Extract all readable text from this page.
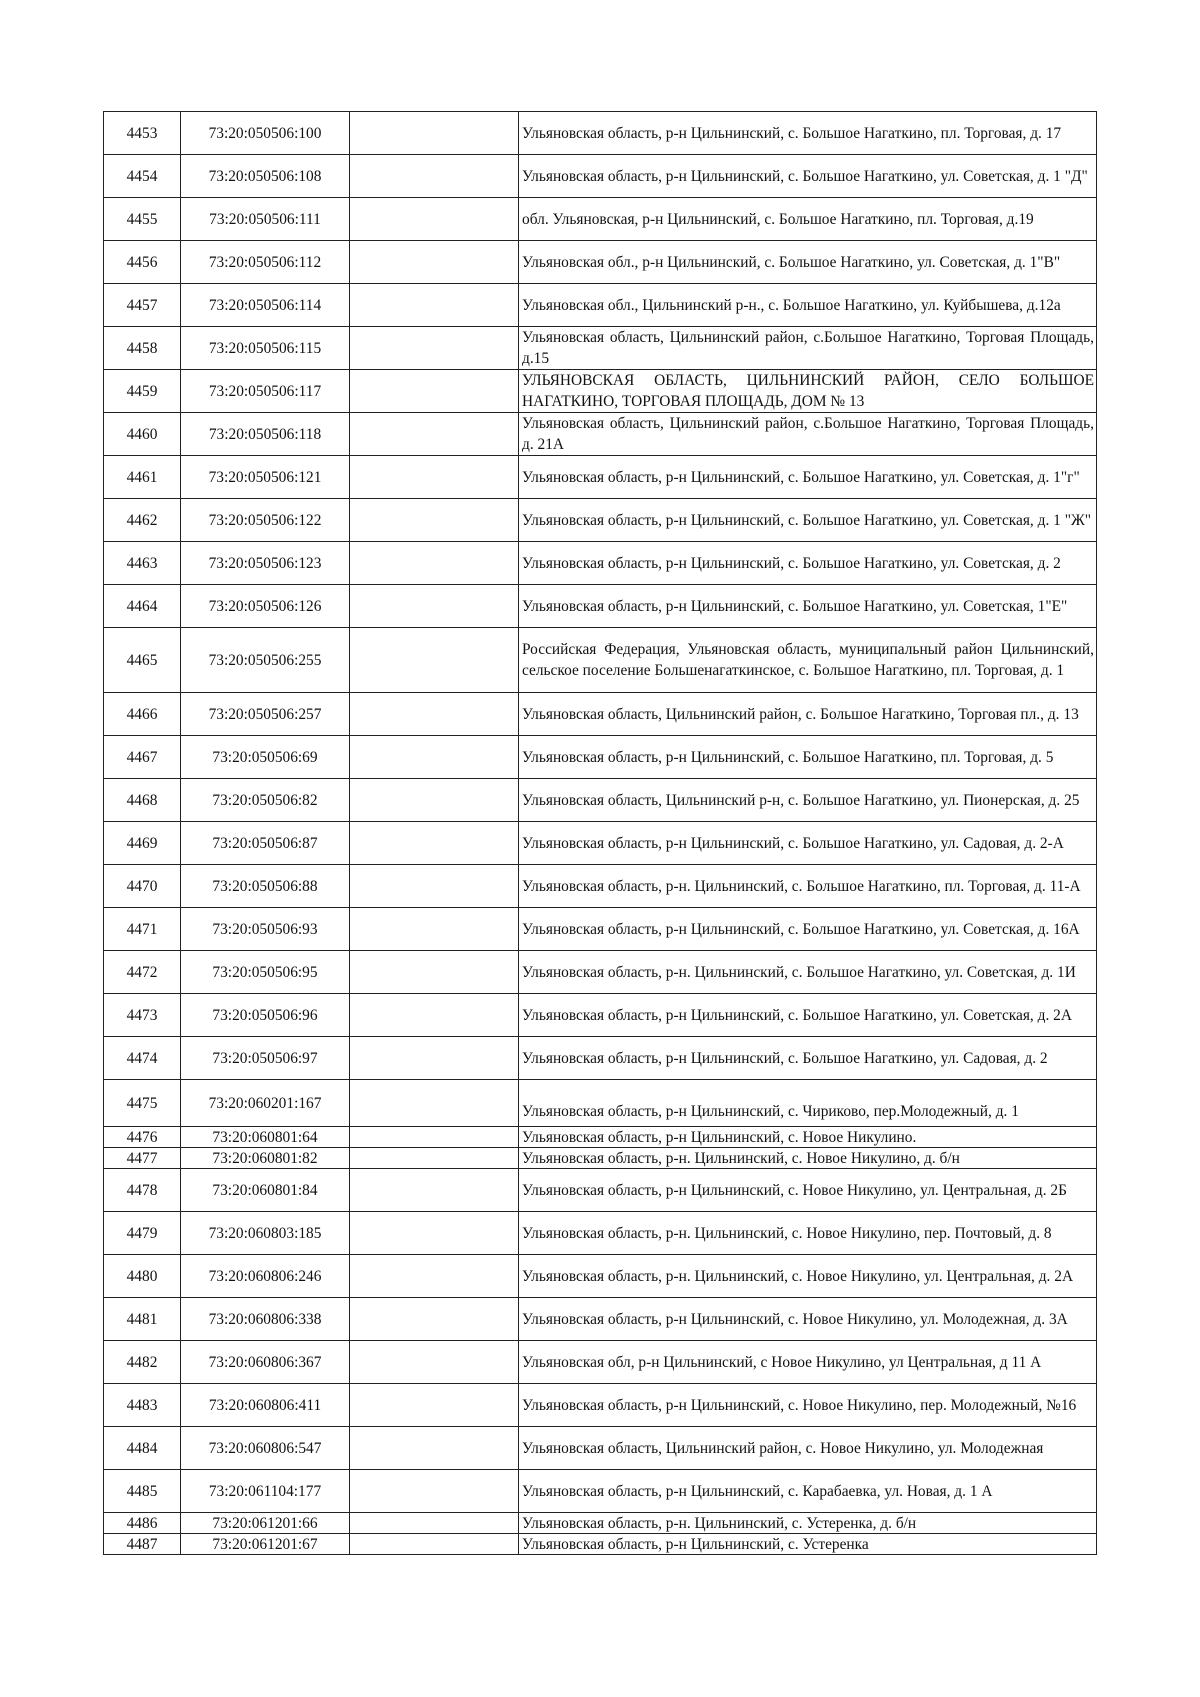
4453	73:20:050506:100		Ульяновская область, р-н Цильнинский, с. Большое Нагаткино, пл. Торговая, д. 17
4454	73:20:050506:108		Ульяновская область, р-н Цильнинский, с. Большое Нагаткино, ул. Советская, д. 1 "Д"
4455	73:20:050506:111		обл. Ульяновская, р-н Цильнинский, с. Большое Нагаткино, пл. Торговая, д.19
4456	73:20:050506:112		Ульяновская обл., р-н Цильнинский, с. Большое Нагаткино, ул. Советская, д. 1"В"
4457	73:20:050506:114		Ульяновская обл., Цильнинский р-н., с. Большое Нагаткино, ул. Куйбышева, д.12а
4458	73:20:050506:115		Ульяновская область, Цильнинский район, с.Большое Нагаткино, Торговая Площадь, д.15
4459	73:20:050506:117		УЛЬЯНОВСКАЯ ОБЛАСТЬ, ЦИЛЬНИНСКИЙ РАЙОН, СЕЛО БОЛЬШОЕ НАГАТКИНО, ТОРГОВАЯ ПЛОЩАДЬ, ДОМ № 13
4460	73:20:050506:118		Ульяновская область, Цильнинский район, с.Большое Нагаткино, Торговая Площадь, д. 21А
4461	73:20:050506:121		Ульяновская область, р-н Цильнинский, с. Большое Нагаткино, ул. Советская, д. 1"г"
4462	73:20:050506:122		Ульяновская область, р-н Цильнинский, с. Большое Нагаткино, ул. Советская, д. 1 "Ж"
4463	73:20:050506:123		Ульяновская область, р-н Цильнинский, с. Большое Нагаткино, ул. Советская, д. 2
4464	73:20:050506:126		Ульяновская область, р-н Цильнинский, с. Большое Нагаткино, ул. Советская, 1"Е"
4465	73:20:050506:255		Российская Федерация, Ульяновская область, муниципальный район Цильнинский, сельское поселение Большенагаткинское, с. Большое Нагаткино, пл. Торговая, д. 1
4466	73:20:050506:257		Ульяновская область, Цильнинский район, с. Большое Нагаткино, Торговая пл., д. 13
4467	73:20:050506:69		Ульяновская область, р-н Цильнинский, с. Большое Нагаткино, пл. Торговая, д. 5
4468	73:20:050506:82		Ульяновская область, Цильнинский р-н, с. Большое Нагаткино, ул. Пионерская, д. 25
4469	73:20:050506:87		Ульяновская область, р-н Цильнинский, с. Большое Нагаткино, ул. Садовая, д. 2-А
4470	73:20:050506:88		Ульяновская область, р-н. Цильнинский, с. Большое Нагаткино, пл. Торговая, д. 11-А
4471	73:20:050506:93		Ульяновская область, р-н Цильнинский, с. Большое Нагаткино, ул. Советская, д. 16А
4472	73:20:050506:95		Ульяновская область, р-н. Цильнинский, с. Большое Нагаткино, ул. Советская, д. 1И
4473	73:20:050506:96		Ульяновская область, р-н Цильнинский, с. Большое Нагаткино, ул. Советская, д. 2А
4474	73:20:050506:97		Ульяновская область, р-н Цильнинский, с. Большое Нагаткино, ул. Садовая, д. 2
4475	73:20:060201:167		Ульяновская область, р-н Цильнинский, с. Чириково, пер.Молодежный, д. 1
4476	73:20:060801:64		Ульяновская область, р-н Цильнинский, с. Новое Никулино.
4477	73:20:060801:82		Ульяновская область, р-н. Цильнинский, с. Новое Никулино, д. б/н
4478	73:20:060801:84		Ульяновская область, р-н Цильнинский, с. Новое Никулино, ул. Центральная, д. 2Б
4479	73:20:060803:185		Ульяновская область, р-н. Цильнинский, с. Новое Никулино, пер. Почтовый, д. 8
4480	73:20:060806:246		Ульяновская область, р-н. Цильнинский, с. Новое Никулино, ул. Центральная, д. 2А
4481	73:20:060806:338		Ульяновская область, р-н Цильнинский, с. Новое Никулино, ул. Молодежная, д. 3А
4482	73:20:060806:367		Ульяновская обл, р-н Цильнинский, с Новое Никулино, ул Центральная, д 11 А
4483	73:20:060806:411		Ульяновская область, р-н Цильнинский, с. Новое Никулино, пер. Молодежный, №16
4484	73:20:060806:547		Ульяновская область, Цильнинский район, с. Новое Никулино, ул. Молодежная
4485	73:20:061104:177		Ульяновская область, р-н Цильнинский, с. Карабаевка, ул. Новая, д. 1 А
4486	73:20:061201:66		Ульяновская область, р-н. Цильнинский, с. Устеренка, д. б/н
4487	73:20:061201:67		Ульяновская область, р-н Цильнинский, с. Устеренка
